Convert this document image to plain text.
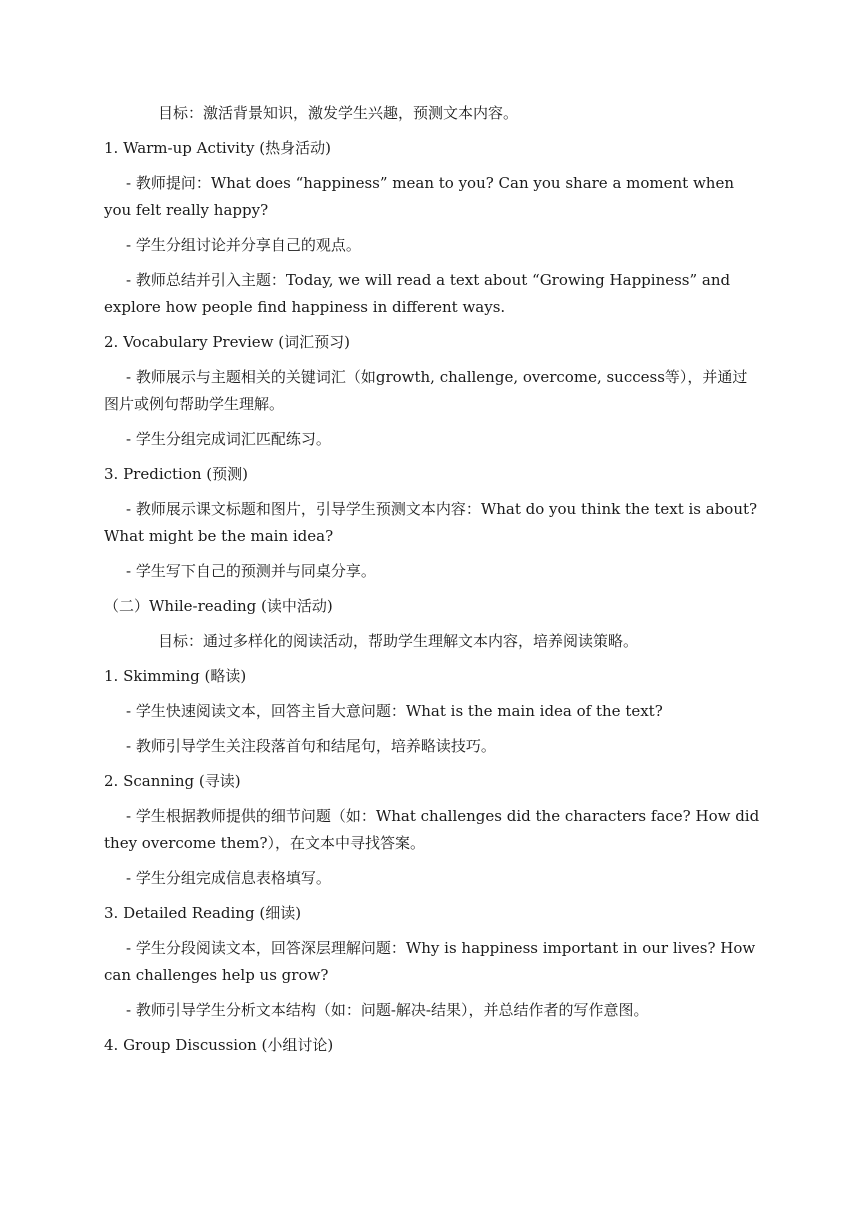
目标：激活背景知识，激发学生兴趣，预测文本内容。

1. Warm-up Activity (热身活动)

- 教师提问：What does “happiness” mean to you? Can you share a moment when you felt really happy?

- 学生分组讨论并分享自己的观点。

- 教师总结并引入主题：Today, we will read a text about “Growing Happiness” and explore how people find happiness in different ways.

2. Vocabulary Preview (词汇预习)

- 教师展示与主题相关的关键词汇（如growth, challenge, overcome, success等），并通过图片或例句帮助学生理解。

- 学生分组完成词汇匹配练习。

3. Prediction (预测)

- 教师展示课文标题和图片，引导学生预测文本内容：What do you think the text is about? What might be the main idea?

- 学生写下自己的预测并与同桌分享。

（二）While-reading (读中活动)

目标：通过多样化的阅读活动，帮助学生理解文本内容，培养阅读策略。

1. Skimming (略读)

- 学生快速阅读文本，回答主旨大意问题：What is the main idea of the text?

- 教师引导学生关注段落首句和结尾句，培养略读技巧。

2. Scanning (寻读)

- 学生根据教师提供的细节问题（如：What challenges did the characters face? How did they overcome them?），在文本中寻找答案。

- 学生分组完成信息表格填写。

3. Detailed Reading (细读)

- 学生分段阅读文本，回答深层理解问题：Why is happiness important in our lives? How can challenges help us grow?

- 教师引导学生分析文本结构（如：问题-解决-结果），并总结作者的写作意图。

4. Group Discussion (小组讨论)
